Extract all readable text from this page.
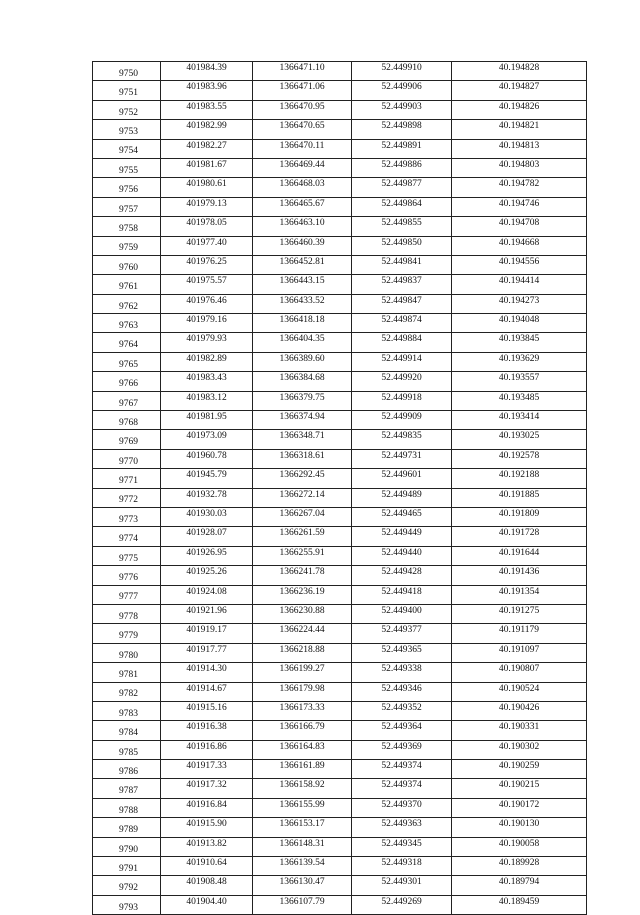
9750	401984.39	1366471.10	52.449910	40.194828
9751	401983.96	1366471.06	52.449906	40.194827
9752	401983.55	1366470.95	52.449903	40.194826
9753	401982.99	1366470.65	52.449898	40.194821
9754	401982.27	1366470.11	52.449891	40.194813
9755	401981.67	1366469.44	52.449886	40.194803
9756	401980.61	1366468.03	52.449877	40.194782
9757	401979.13	1366465.67	52.449864	40.194746
9758	401978.05	1366463.10	52.449855	40.194708
9759	401977.40	1366460.39	52.449850	40.194668
9760	401976.25	1366452.81	52.449841	40.194556
9761	401975.57	1366443.15	52.449837	40.194414
9762	401976.46	1366433.52	52.449847	40.194273
9763	401979.16	1366418.18	52.449874	40.194048
9764	401979.93	1366404.35	52.449884	40.193845
9765	401982.89	1366389.60	52.449914	40.193629
9766	401983.43	1366384.68	52.449920	40.193557
9767	401983.12	1366379.75	52.449918	40.193485
9768	401981.95	1366374.94	52.449909	40.193414
9769	401973.09	1366348.71	52.449835	40.193025
9770	401960.78	1366318.61	52.449731	40.192578
9771	401945.79	1366292.45	52.449601	40.192188
9772	401932.78	1366272.14	52.449489	40.191885
9773	401930.03	1366267.04	52.449465	40.191809
9774	401928.07	1366261.59	52.449449	40.191728
9775	401926.95	1366255.91	52.449440	40.191644
9776	401925.26	1366241.78	52.449428	40.191436
9777	401924.08	1366236.19	52.449418	40.191354
9778	401921.96	1366230.88	52.449400	40.191275
9779	401919.17	1366224.44	52.449377	40.191179
9780	401917.77	1366218.88	52.449365	40.191097
9781	401914.30	1366199.27	52.449338	40.190807
9782	401914.67	1366179.98	52.449346	40.190524
9783	401915.16	1366173.33	52.449352	40.190426
9784	401916.38	1366166.79	52.449364	40.190331
9785	401916.86	1366164.83	52.449369	40.190302
9786	401917.33	1366161.89	52.449374	40.190259
9787	401917.32	1366158.92	52.449374	40.190215
9788	401916.84	1366155.99	52.449370	40.190172
9789	401915.90	1366153.17	52.449363	40.190130
9790	401913.82	1366148.31	52.449345	40.190058
9791	401910.64	1366139.54	52.449318	40.189928
9792	401908.48	1366130.47	52.449301	40.189794
9793	401904.40	1366107.79	52.449269	40.189459
